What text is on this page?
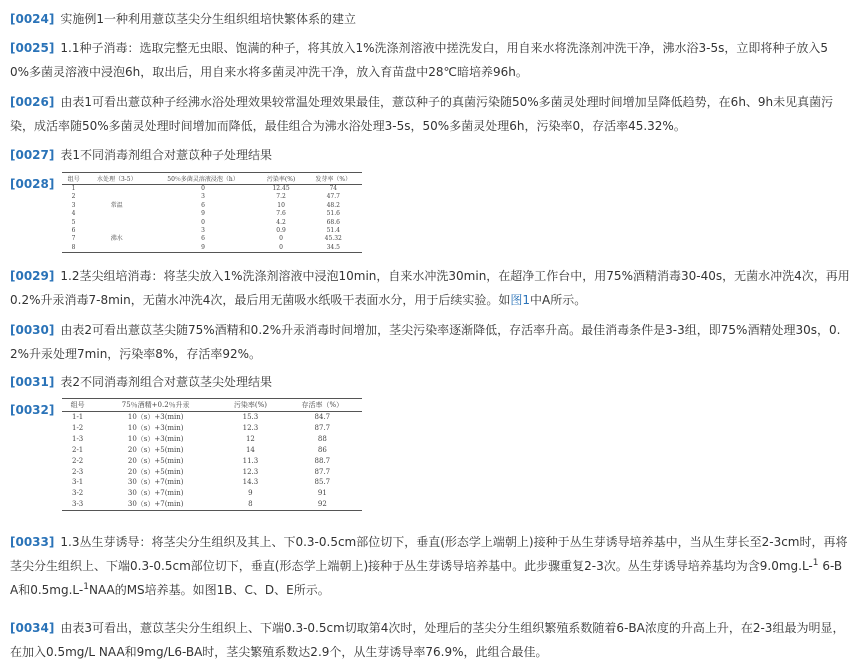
[0024] 实施例1一种利用薏苡茎尖分生组织组培快繁体系的建立
[0025] 1.1种子消毒：选取完整无虫眼、饱满的种子，将其放入1%洗涤剂溶液中搓洗发白，用自来水将洗涤剂冲洗干净，沸水浴3-5s，立即将种子放入5
0%多菌灵溶液中浸泡6h，取出后，用自来水将多菌灵冲洗干净，放入育苗盘中28℃暗培养96h。
[0026] 由表1可看出薏苡种子经沸水浴处理效果较常温处理效果最佳，薏苡种子的真菌污染随50%多菌灵处理时间增加呈降低趋势，在6h、9h未见真菌污
染，成活率随50%多菌灵处理时间增加而降低，最佳组合为沸水浴处理3-5s，50%多菌灵处理6h，污染率0，存活率45.32%。
[0027] 表1不同消毒剂组合对薏苡种子处理结果
[0028]	组号	水处理（3-5）	50％多菌灵溶液浸泡（h）	污染率(%)	发芽率（%）
1		0	12.45	74
2		3	7.2	47.7
3	常温	6	10	48.2
4		9	7.6	51.6
5		0	4.2	68.6
6		3	0.9	51.4
7	沸水	6	0	45.32
8		9	0	34.5
[0029] 1.2茎尖组培消毒：将茎尖放入1%洗涤剂溶液中浸泡10min，自来水冲洗30min，在超净工作台中，用75%酒精消毒30-40s，无菌水冲洗4次，再用
0.2%升汞消毒7-8min，无菌水冲洗4次，最后用无菌吸水纸吸干表面水分，用于后续实验。如图1中A所示。
[0030] 由表2可看出薏苡茎尖随75%酒精和0.2%升汞消毒时间增加，茎尖污染率逐渐降低，存活率升高。最佳消毒条件是3-3组，即75%酒精处理30s，0.
2%升汞处理7min，污染率8%，存活率92%。
[0031] 表2不同消毒剂组合对薏苡茎尖处理结果
[0032]	组号	75％酒精+0.2％升汞	污染率(%)	存活率（%）
1-1	10（s）+3(min)	15.3	84.7
1-2	10（s）+3(min)	12.3	87.7
1-3	10（s）+3(min)	12	88
2-1	20（s）+5(min)	14	86
2-2	20（s）+5(min)	11.3	88.7
2-3	20（s）+5(min)	12.3	87.7
3-1	30（s）+7(min)	14.3	85.7
3-2	30（s）+7(min)	9	91
3-3	30（s）+7(min)	8	92
[0033] 1.3丛生芽诱导：将茎尖分生组织及其上、下0.3-0.5cm部位切下，垂直(形态学上端朝上)接种于丛生芽诱导培养基中，当从生芽长至2-3cm时，再将
茎尖分生组织上、下端0.3-0.5cm部位切下，垂直(形态学上端朝上)接种于丛生芽诱导培养基中。此步骤重复2-3次。丛生芽诱导培养基均为含9.0mg.L-$^1$ 6-B
A和0.5mg.L-$^1$NAA的MS培养基。如图1B、C、D、E所示。
[0034] 由表3可看出，薏苡茎尖分生组织上、下端0.3-0.5cm切取第4次时，处理后的茎尖分生组织繁殖系数随着6-BA浓度的升高上升，在2-3组最为明显，
在加入0.5mg/L NAA和9mg/L6-BA时，茎尖繁殖系数达2.9个，从生芽诱导率76.9%，此组合最佳。
